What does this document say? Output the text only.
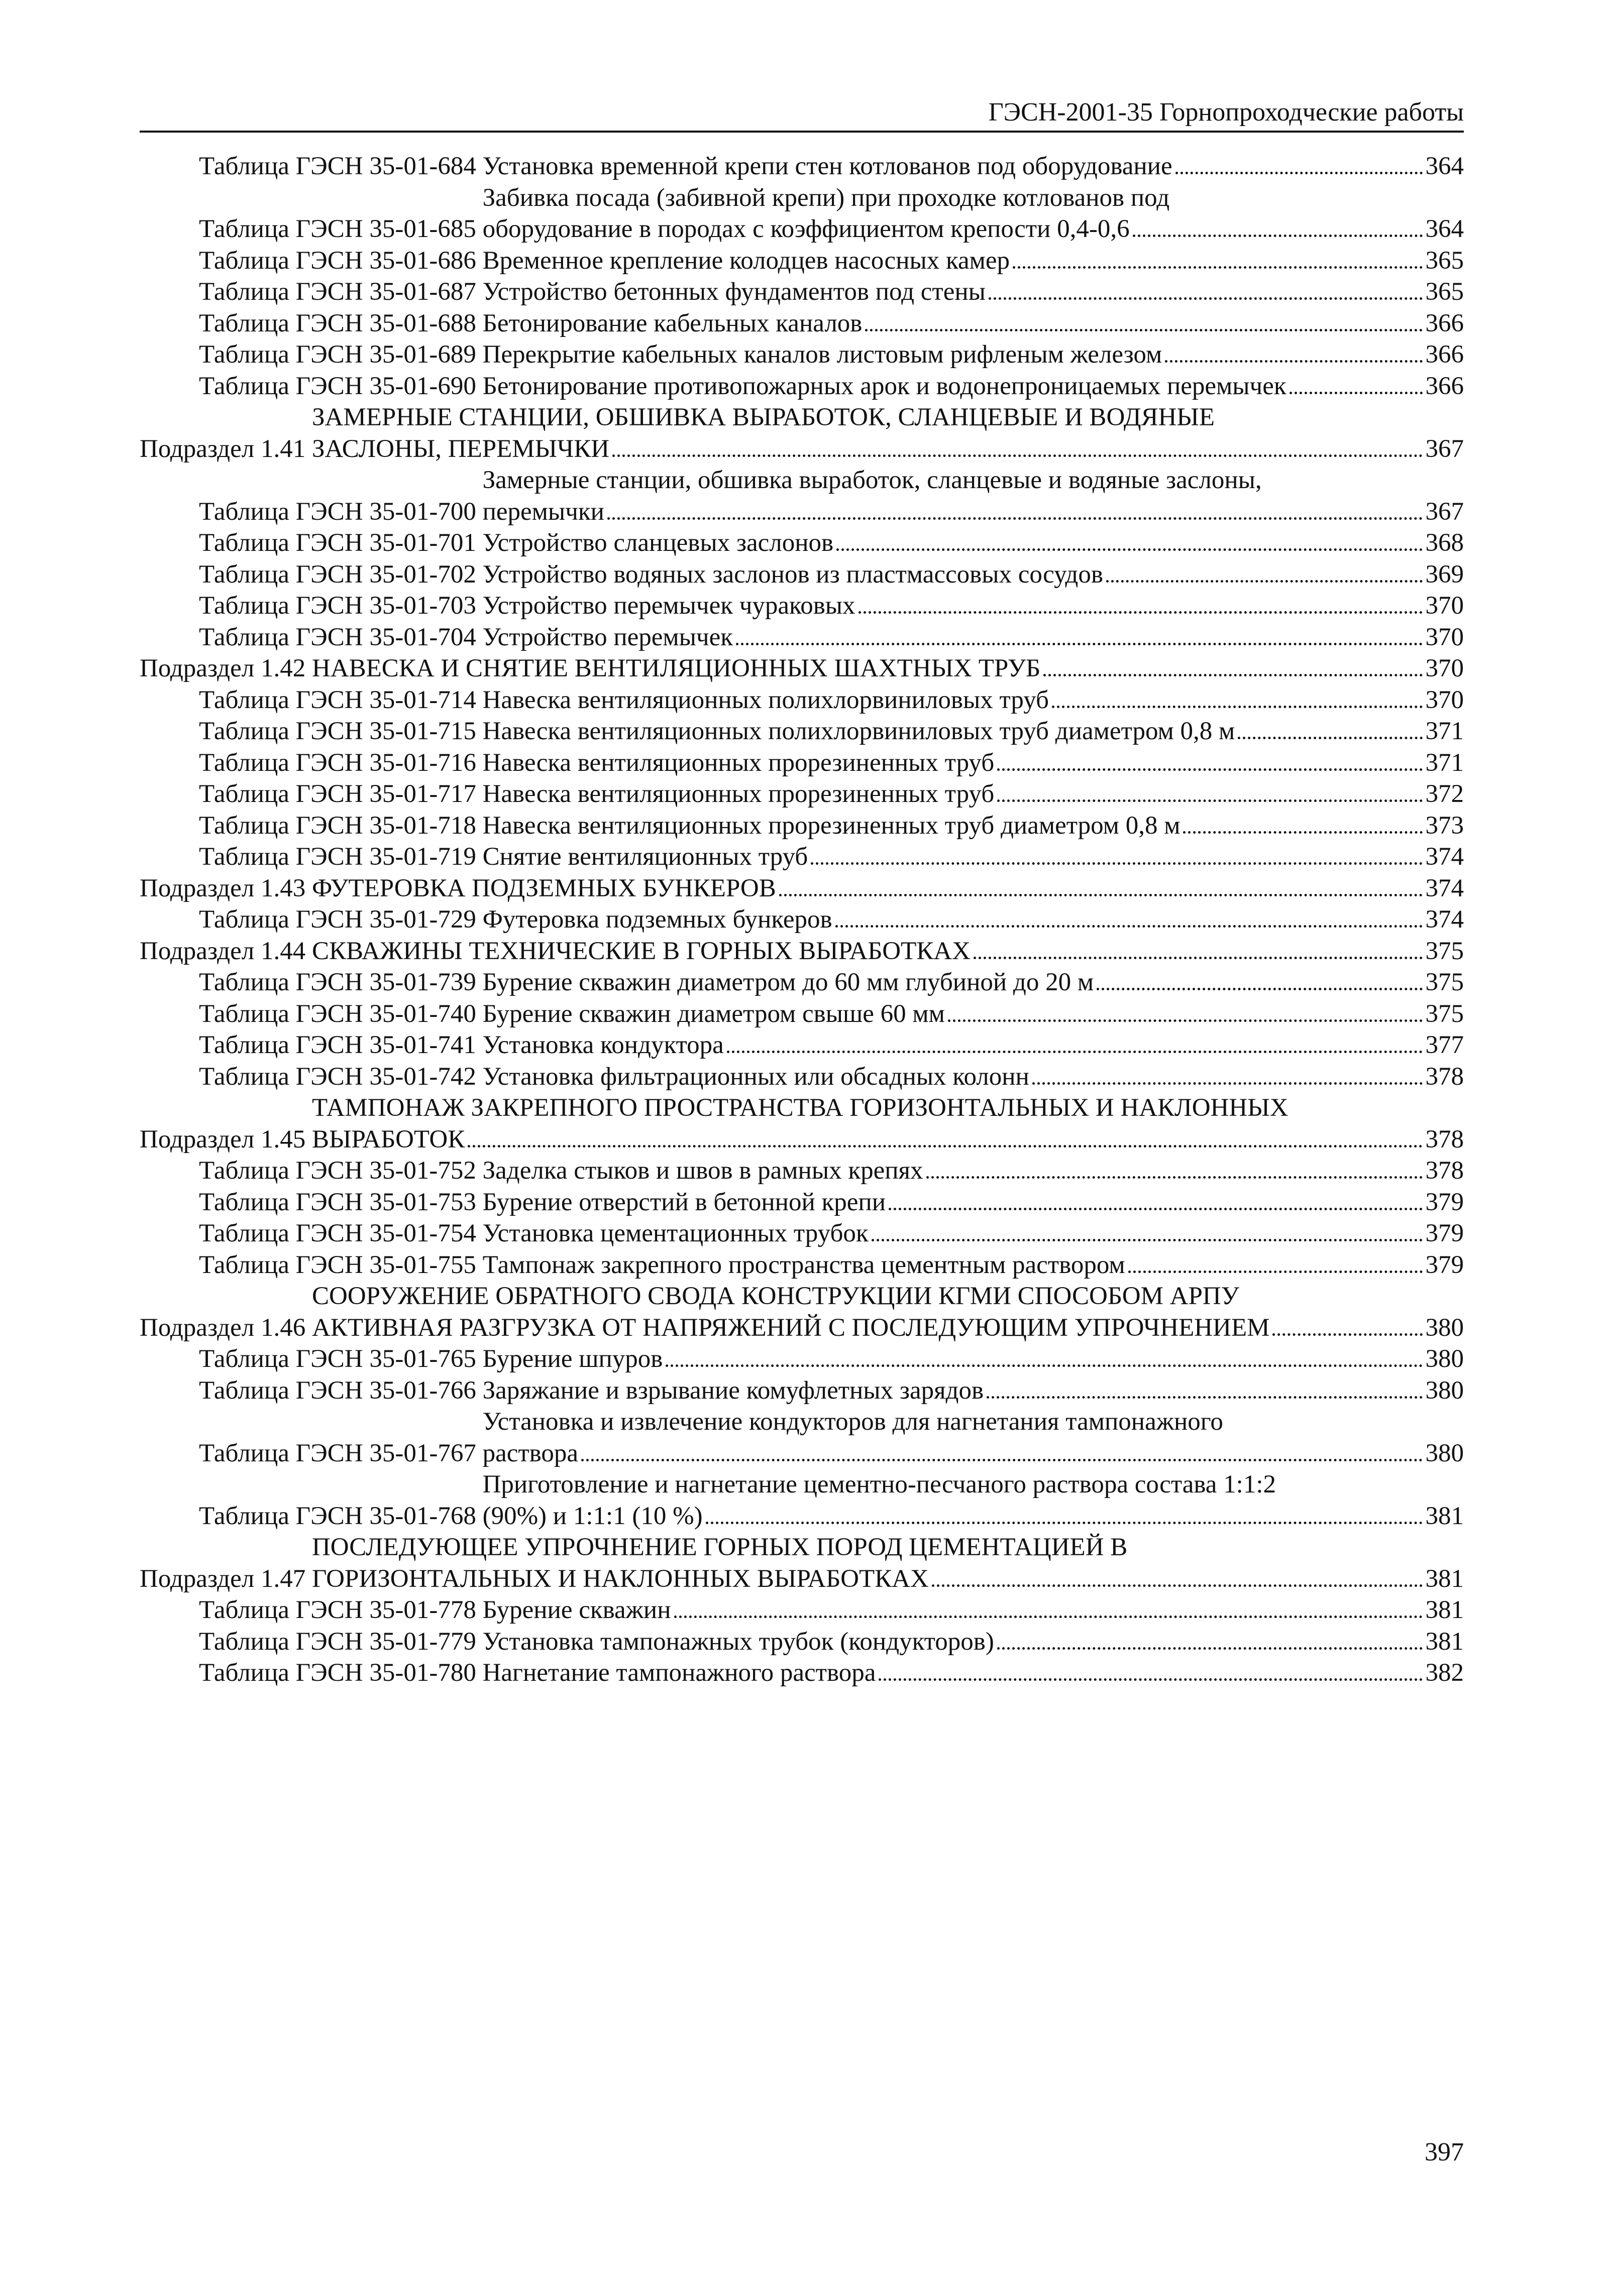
ГЭСН-2001-35 Горнопроходческие работы
Таблица ГЭСН 35-01-684 Установка временной крепи стен котлованов под оборудование	364
Таблица ГЭСН 35-01-685
Забивка посада (забивной крепи) при проходке котлованов под
оборудование в породах с коэффициентом крепости 0,4-0,6	364
Таблица ГЭСН 35-01-686 Временное крепление колодцев насосных камер	365
Таблица ГЭСН 35-01-687 Устройство бетонных фундаментов под стены	365
Таблица ГЭСН 35-01-688 Бетонирование кабельных каналов	366
Таблица ГЭСН 35-01-689 Перекрытие кабельных каналов листовым рифленым железом	366
Таблица ГЭСН 35-01-690 Бетонирование противопожарных арок и водонепроницаемых перемычек	366
Подраздел 1.41
ЗАМЕРНЫЕ СТАНЦИИ, ОБШИВКА ВЫРАБОТОК, СЛАНЦЕВЫЕ И ВОДЯНЫЕ
ЗАСЛОНЫ, ПЕРЕМЫЧКИ	367
Таблица ГЭСН 35-01-700
Замерные станции, обшивка выработок, сланцевые и водяные заслоны,
перемычки	367
Таблица ГЭСН 35-01-701 Устройство сланцевых заслонов	368
Таблица ГЭСН 35-01-702 Устройство водяных заслонов из пластмассовых сосудов	369
Таблица ГЭСН 35-01-703 Устройство перемычек чураковых	370
Таблица ГЭСН 35-01-704 Устройство перемычек	370
Подраздел 1.42 НАВЕСКА И СНЯТИЕ ВЕНТИЛЯЦИОННЫХ ШАХТНЫХ ТРУБ	370
Таблица ГЭСН 35-01-714 Навеска вентиляционных полихлорвиниловых труб	370
Таблица ГЭСН 35-01-715 Навеска вентиляционных полихлорвиниловых труб диаметром 0,8 м	371
Таблица ГЭСН 35-01-716 Навеска вентиляционных прорезиненных труб	371
Таблица ГЭСН 35-01-717 Навеска вентиляционных прорезиненных труб	372
Таблица ГЭСН 35-01-718 Навеска вентиляционных прорезиненных труб диаметром 0,8 м	373
Таблица ГЭСН 35-01-719 Снятие вентиляционных труб	374
Подраздел 1.43 ФУТЕРОВКА ПОДЗЕМНЫХ БУНКЕРОВ	374
Таблица ГЭСН 35-01-729 Футеровка подземных бункеров	374
Подраздел 1.44 СКВАЖИНЫ ТЕХНИЧЕСКИЕ В ГОРНЫХ ВЫРАБОТКАХ	375
Таблица ГЭСН 35-01-739 Бурение скважин диаметром до 60 мм глубиной до 20 м	375
Таблица ГЭСН 35-01-740 Бурение скважин диаметром свыше 60 мм	375
Таблица ГЭСН 35-01-741 Установка кондуктора	377
Таблица ГЭСН 35-01-742 Установка фильтрационных или обсадных колонн	378
Подраздел 1.45
ТАМПОНАЖ ЗАКРЕПНОГО ПРОСТРАНСТВА ГОРИЗОНТАЛЬНЫХ И НАКЛОННЫХ
ВЫРАБОТОК	378
Таблица ГЭСН 35-01-752 Заделка стыков и швов в рамных крепях	378
Таблица ГЭСН 35-01-753 Бурение отверстий в бетонной крепи	379
Таблица ГЭСН 35-01-754 Установка цементационных трубок	379
Таблица ГЭСН 35-01-755 Тампонаж закрепного пространства цементным раствором	379
Подраздел 1.46
СООРУЖЕНИЕ ОБРАТНОГО СВОДА КОНСТРУКЦИИ КГМИ СПОСОБОМ АРПУ
АКТИВНАЯ РАЗГРУЗКА ОТ НАПРЯЖЕНИЙ С ПОСЛЕДУЮЩИМ УПРОЧНЕНИЕМ	380
Таблица ГЭСН 35-01-765 Бурение шпуров	380
Таблица ГЭСН 35-01-766 Заряжание и взрывание комуфлетных зарядов	380
Таблица ГЭСН 35-01-767
Установка и извлечение кондукторов для нагнетания тампонажного
раствора	380
Таблица ГЭСН 35-01-768
Приготовление и нагнетание цементно-песчаного раствора состава 1:1:2
(90%) и 1:1:1 (10 %)	381
Подраздел 1.47
ПОСЛЕДУЮЩЕЕ УПРОЧНЕНИЕ ГОРНЫХ ПОРОД ЦЕМЕНТАЦИЕЙ В
ГОРИЗОНТАЛЬНЫХ И НАКЛОННЫХ ВЫРАБОТКАХ	381
Таблица ГЭСН 35-01-778 Бурение скважин	381
Таблица ГЭСН 35-01-779 Установка тампонажных трубок (кондукторов)	381
Таблица ГЭСН 35-01-780 Нагнетание тампонажного раствора	382
397
